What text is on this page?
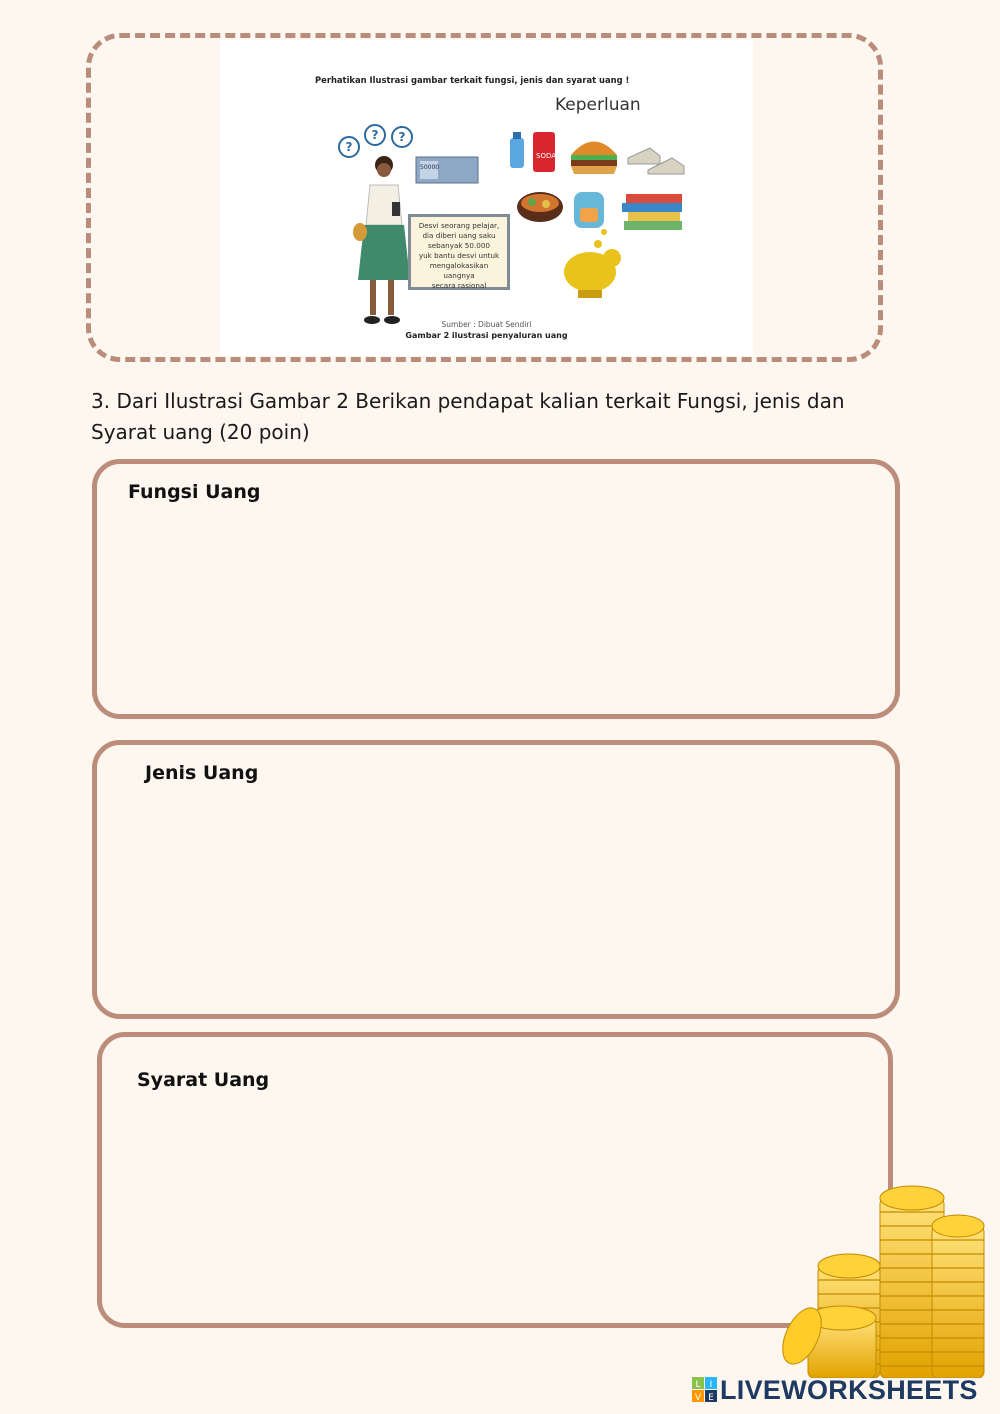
Perhatikan Ilustrasi gambar terkait fungsi, jenis dan syarat uang !
Keperluan
?
? ?
50000
SODA
Desvi seorang pelajar,
dia diberi uang saku
sebanyak 50.000
yuk bantu desvi untuk
mengalokasikan uangnya
secara rasional
Sumber : Dibuat Sendiri
Gambar 2 ilustrasi penyaluran uang
3. Dari Ilustrasi Gambar 2 Berikan pendapat kalian terkait Fungsi, jenis dan Syarat uang (20 poin)
Fungsi Uang
Jenis Uang
Syarat Uang
L I
V E LIVEWORKSHEETS
